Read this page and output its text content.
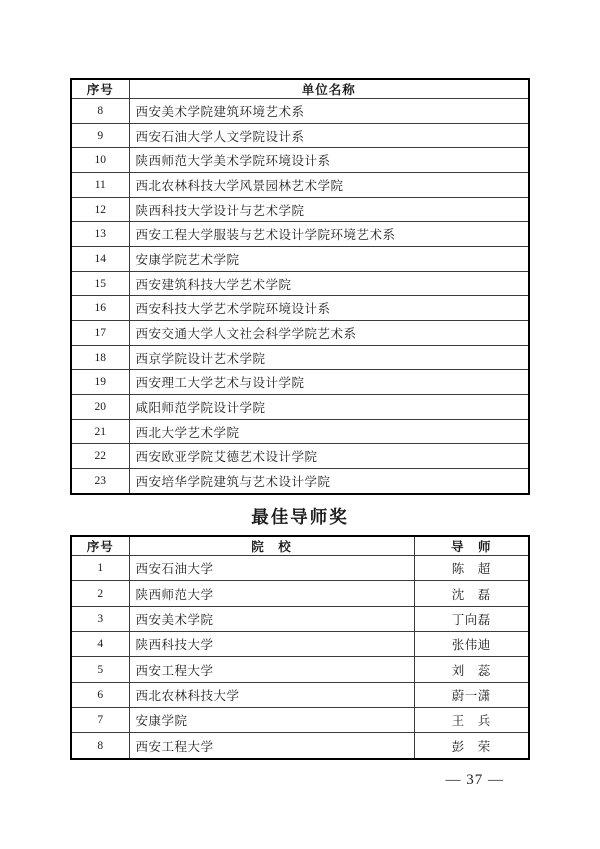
序号	单位名称
8	西安美术学院建筑环境艺术系
9	西安石油大学人文学院设计系
10	陕西师范大学美术学院环境设计系
11	西北农林科技大学风景园林艺术学院
12	陕西科技大学设计与艺术学院
13	西安工程大学服装与艺术设计学院环境艺术系
14	安康学院艺术学院
15	西安建筑科技大学艺术学院
16	西安科技大学艺术学院环境设计系
17	西安交通大学人文社会科学学院艺术系
18	西京学院设计艺术学院
19	西安理工大学艺术与设计学院
20	咸阳师范学院设计学院
21	西北大学艺术学院
22	西安欧亚学院艾德艺术设计学院
23	西安培华学院建筑与艺术设计学院
最佳导师奖
序号	院　校	导　师
1	西安石油大学	陈　超
2	陕西师范大学	沈　磊
3	西安美术学院	丁向磊
4	陕西科技大学	张伟迪
5	西安工程大学	刘　蕊
6	西北农林科技大学	蔚一潇
7	安康学院	王　兵
8	西安工程大学	彭　荣
— 37 —
